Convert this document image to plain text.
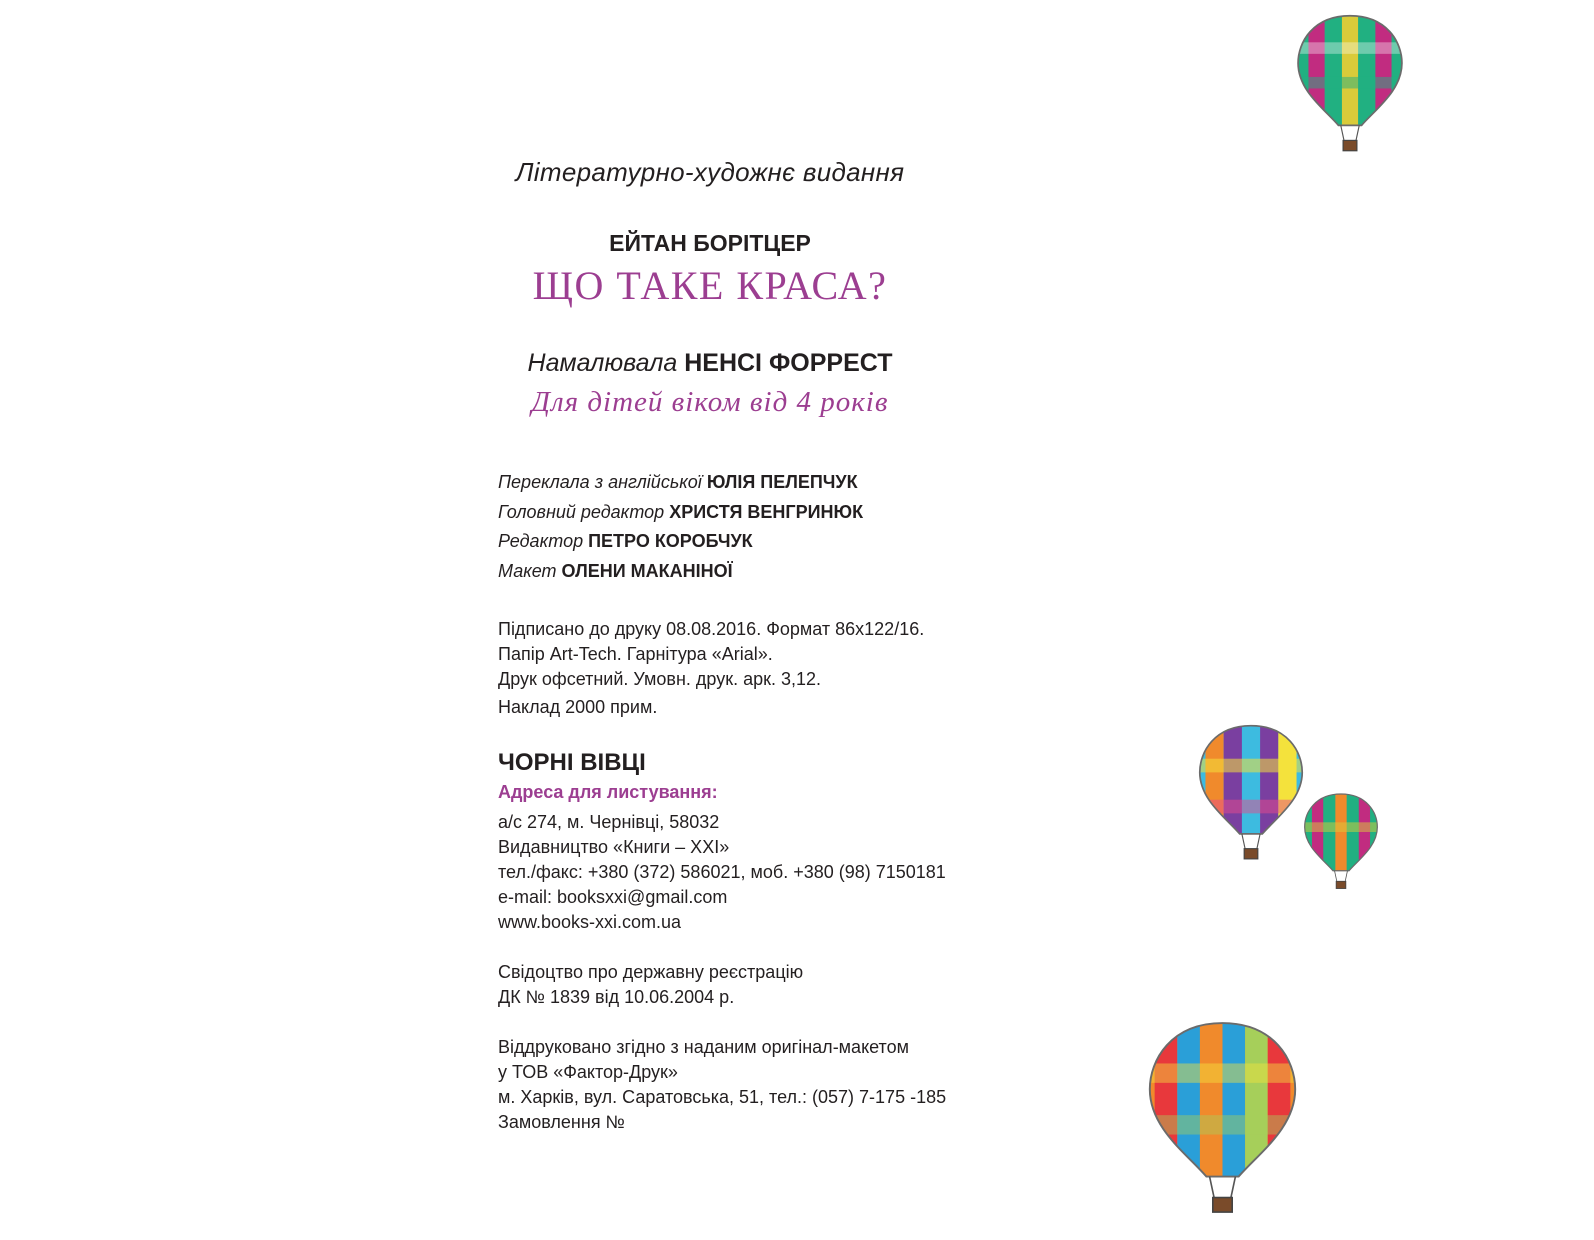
Літературно-художнє видання
ЕЙТАН БОРІТЦЕР
ЩО ТАКЕ КРАСА?
Намалювала НЕНСІ ФОРРЕСТ
Для дітей віком від 4 років
Переклала з англійської ЮЛІЯ ПЕЛЕПЧУК
Головний редактор ХРИСТЯ ВЕНГРИНЮК
Редактор ПЕТРО КОРОБЧУК
Макет ОЛЕНИ МАКАНІНОЇ
Підписано до друку 08.08.2016. Формат 86x122/16.
Папір Art-Tech. Гарнітура «Arial».
Друк офсетний. Умовн. друк. арк. 3,12.
Наклад 2000 прим.
ЧОРНІ ВІВЦІ
Адреса для листування:
а/с 274, м. Чернівці, 58032
Видавництво «Книги – XXI»
тел./факс: +380 (372) 586021, моб. +380 (98) 7150181
e-mail: booksxxi@gmail.com
www.books-xxi.com.ua
Свідоцтво про державну реєстрацію
ДК № 1839 від 10.06.2004 р.
Віддруковано згідно з наданим оригінал-макетом
у ТОВ «Фактор-Друк»
м. Харків, вул. Саратовська, 51, тел.: (057) 7-175 -185
Замовлення №
